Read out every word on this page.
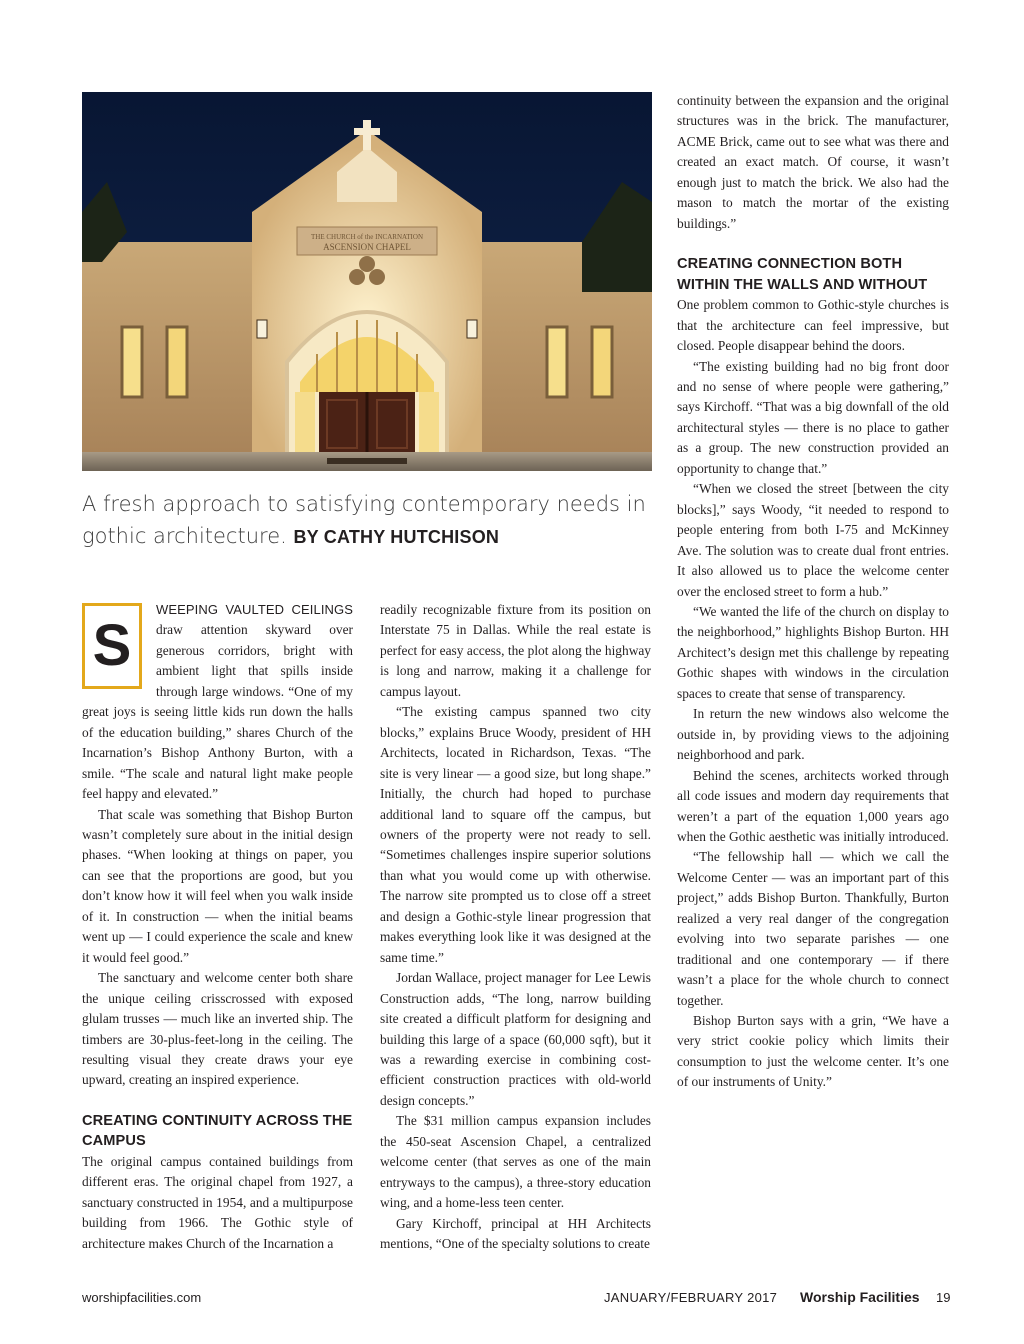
THE CHURCH of the INCARNATION
ASCENSION CHAPEL
A fresh approach to satisfying contemporary needs in gothic architecture. BY CATHY HUTCHISON

S
WEEPING VAULTED CEILINGS draw attention skyward over generous corridors, bright with ambient light that spills inside through large windows. “One of my great joys is seeing little kids run down the halls of the education building,” shares Church of the Incarnation’s Bishop Anthony Burton, with a smile. “The scale and natural light make people feel happy and elevated.”

That scale was something that Bishop Burton wasn’t completely sure about in the initial design phases. “When looking at things on paper, you can see that the proportions are good, but you don’t know how it will feel when you walk inside of it. In construction — when the initial beams went up — I could experience the scale and knew it would feel good.”

The sanctuary and welcome center both share the unique ceiling crisscrossed with exposed glulam trusses — much like an inverted ship. The timbers are 30-plus-feet-long in the ceiling. The resulting visual they create draws your eye upward, creating an inspired experience.

CREATING CONTINUITY ACROSS THE CAMPUS

The original campus contained buildings from different eras. The original chapel from 1927, a sanctuary constructed in 1954, and a multipurpose building from 1966. The Gothic style of architecture makes Church of the Incarnation a

readily recognizable fixture from its position on Interstate 75 in Dallas. While the real estate is perfect for easy access, the plot along the highway is long and narrow, making it a challenge for campus layout.

“The existing campus spanned two city blocks,” explains Bruce Woody, president of HH Architects, located in Richardson, Texas. “The site is very linear — a good size, but long shape.” Initially, the church had hoped to purchase additional land to square off the campus, but owners of the property were not ready to sell. “Sometimes challenges inspire superior solutions than what you would come up with otherwise. The narrow site prompted us to close off a street and design a Gothic-style linear progression that makes everything look like it was designed at the same time.”

Jordan Wallace, project manager for Lee Lewis Construction adds, “The long, narrow building site created a difficult platform for designing and building this large of a space (60,000 sqft), but it was a rewarding exercise in combining cost-efficient construction practices with old-world design concepts.”

The $31 million campus expansion includes the 450-seat Ascension Chapel, a centralized welcome center (that serves as one of the main entryways to the campus), a three-story education wing, and a home-less teen center.

Gary Kirchoff, principal at HH Architects mentions, “One of the specialty solutions to create

continuity between the expansion and the original structures was in the brick. The manufacturer, ACME Brick, came out to see what was there and created an exact match. Of course, it wasn’t enough just to match the brick. We also had the mason to match the mortar of the existing buildings.”

CREATING CONNECTION BOTH WITHIN THE WALLS AND WITHOUT

One problem common to Gothic-style churches is that the architecture can feel impressive, but closed. People disappear behind the doors.

“The existing building had no big front door and no sense of where people were gathering,” says Kirchoff. “That was a big downfall of the old architectural styles — there is no place to gather as a group. The new construction provided an opportunity to change that.”

“When we closed the street [between the city blocks],” says Woody, “it needed to respond to people entering from both I-75 and McKinney Ave. The solution was to create dual front entries. It also allowed us to place the welcome center over the enclosed street to form a hub.”

“We wanted the life of the church on display to the neighborhood,” highlights Bishop Burton. HH Architect’s design met this challenge by repeating Gothic shapes with windows in the circulation spaces to create that sense of transparency.

In return the new windows also welcome the outside in, by providing views to the adjoining neighborhood and park.

Behind the scenes, architects worked through all code issues and modern day requirements that weren’t a part of the equation 1,000 years ago when the Gothic aesthetic was initially introduced.

“The fellowship hall — which we call the Welcome Center — was an important part of this project,” adds Bishop Burton. Thankfully, Burton realized a very real danger of the congregation evolving into two separate parishes — one traditional and one contemporary — if there wasn’t a place for the whole church to connect together.

Bishop Burton says with a grin, “We have a very strict cookie policy which limits their consumption to just the welcome center. It’s one of our instruments of Unity.”

worshipfacilities.com	JANUARY/FEBRUARY 2017 Worship Facilities 19
